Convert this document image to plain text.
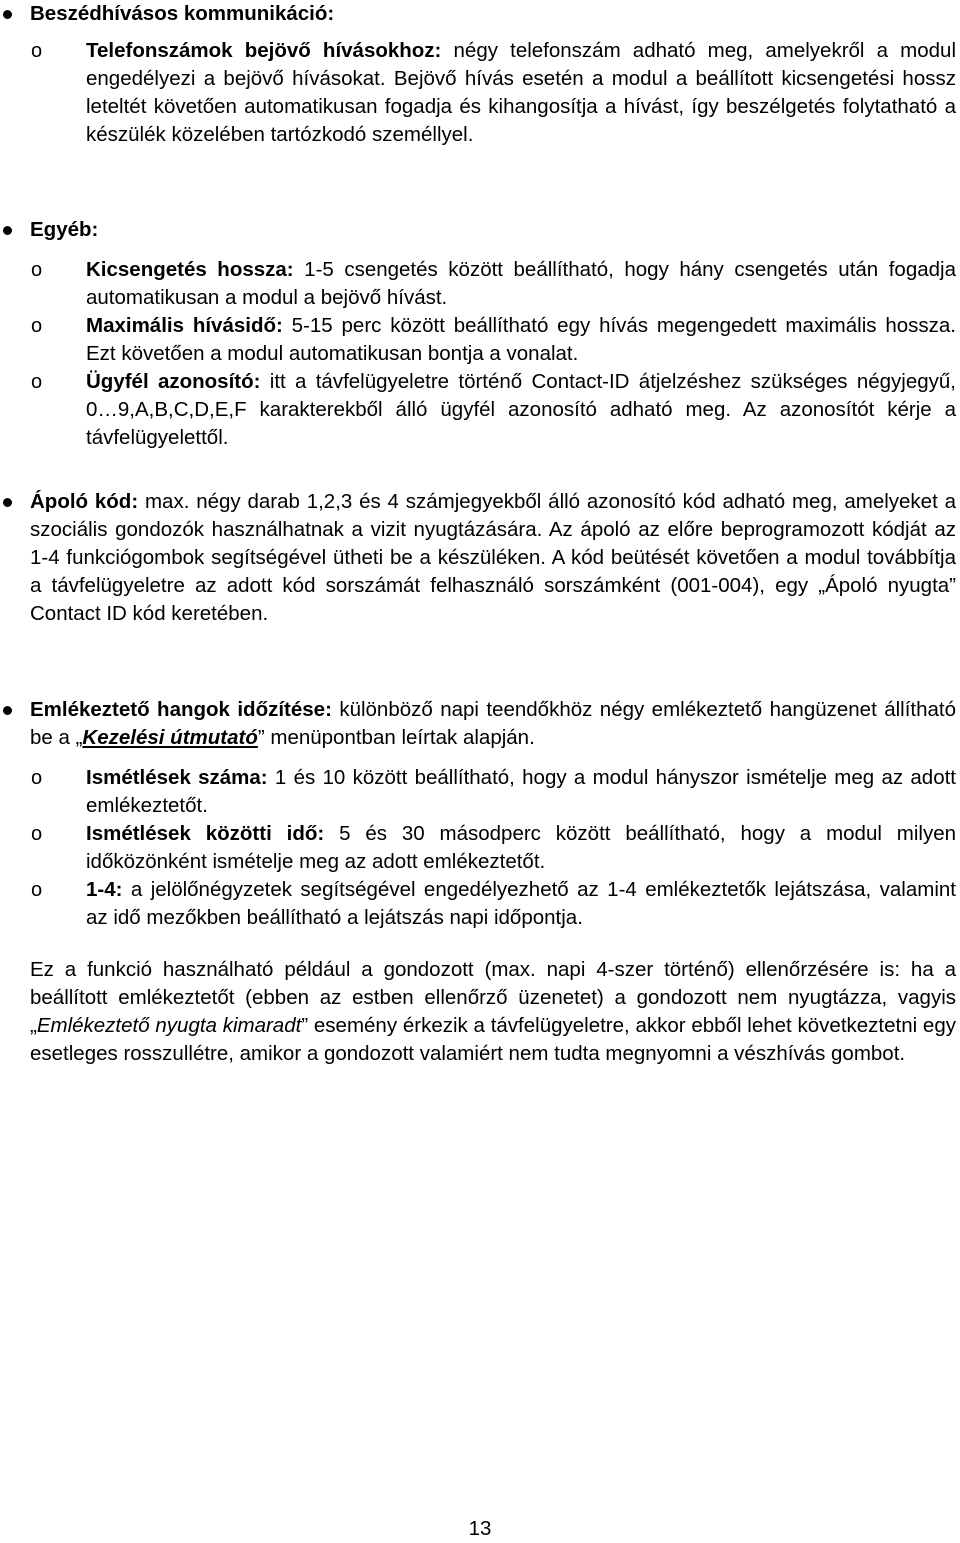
Beszédhívásos kommunikáció:
o Telefonszámok bejövő hívásokhoz: négy telefonszám adható meg, amelyekről a modul engedélyezi a bejövő hívásokat. Bejövő hívás esetén a modul a beállított kicsengetési hossz leteltét követően automatikusan fogadja és kihangosítja a hívást, így beszélgetés folytatható a készülék közelében tartózkodó személlyel.
Egyéb:
o Kicsengetés hossza: 1-5 csengetés között beállítható, hogy hány csengetés után fogadja automatikusan a modul a bejövő hívást.
o Maximális hívásidő: 5-15 perc között beállítható egy hívás megengedett maximális hossza. Ezt követően a modul automatikusan bontja a vonalat.
o Ügyfél azonosító: itt a távfelügyeletre történő Contact-ID átjelzéshez szükséges négyjegyű, 0…9,A,B,C,D,E,F karakterekből álló ügyfél azonosító adható meg. Az azonosítót kérje a távfelügyelettől.
Ápoló kód: max. négy darab 1,2,3 és 4 számjegyekből álló azonosító kód adható meg, amelyeket a szociális gondozók használhatnak a vizit nyugtázására. Az ápoló az előre beprogramozott kódját az 1-4 funkciógombok segítségével ütheti be a készüléken. A kód beütését követően a modul továbbítja a távfelügyeletre az adott kód sorszámát felhasználó sorszámként (001-004), egy „Ápoló nyugta” Contact ID kód keretében.
Emlékeztető hangok időzítése: különböző napi teendőkhöz négy emlékeztető hangüzenet állítható be a „Kezelési útmutató” menüpontban leírtak alapján.
o Ismétlések száma: 1 és 10 között beállítható, hogy a modul hányszor ismételje meg az adott emlékeztetőt.
o Ismétlések közötti idő: 5 és 30 másodperc között beállítható, hogy a modul milyen időközönként ismételje meg az adott emlékeztetőt.
o 1-4: a jelölőnégyzetek segítségével engedélyezhető az 1-4 emlékeztetők lejátszása, valamint az idő mezőkben beállítható a lejátszás napi időpontja.
Ez a funkció használható például a gondozott (max. napi 4-szer történő) ellenőrzésére is: ha a beállított emlékeztetőt (ebben az estben ellenőrző üzenetet) a gondozott nem nyugtázza, vagyis „Emlékeztető nyugta kimaradt” esemény érkezik a távfelügyeletre, akkor ebből lehet következtetni egy esetleges rosszullétre, amikor a gondozott valamiért nem tudta megnyomni a vészhívás gombot.
13
